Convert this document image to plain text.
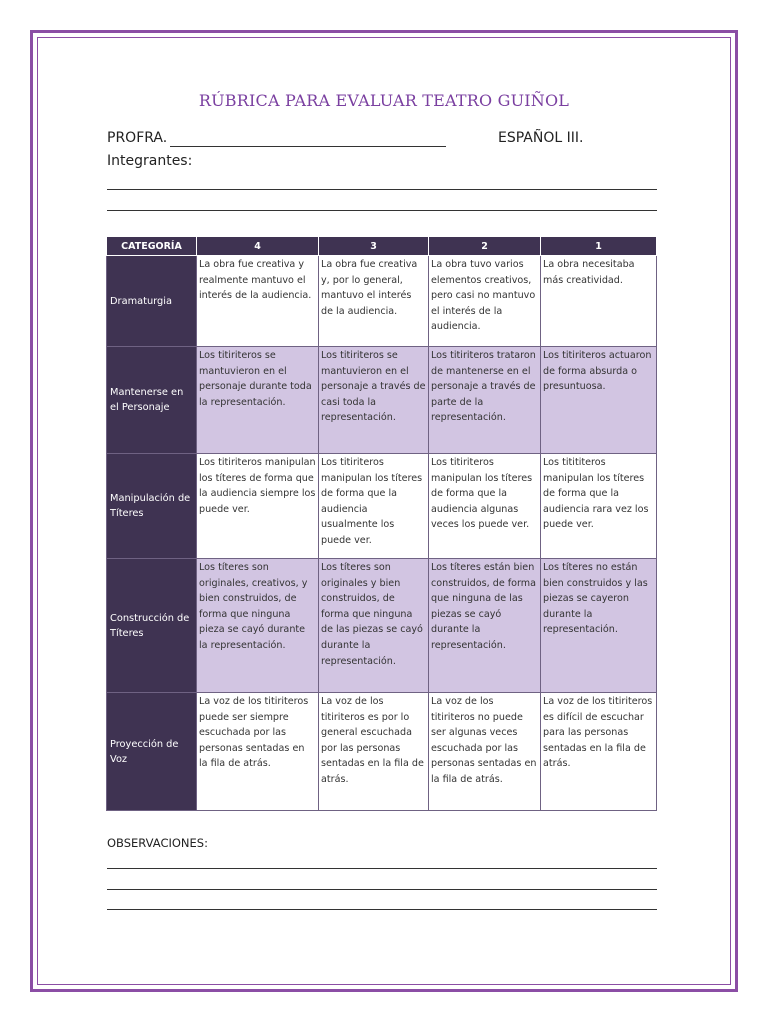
RÚBRICA PARA EVALUAR TEATRO GUIÑOL
PROFRA.	ESPAÑOL III.
Integrantes:
CATEGORÍA	4	3	2	1
Dramaturgia	La obra fue creativa y realmente mantuvo el interés de la audiencia.	La obra fue creativa y, por lo general, mantuvo el interés de la audiencia.	La obra tuvo varios elementos creativos, pero casi no mantuvo el interés de la audiencia.	La obra necesitaba más creatividad.
Mantenerse en el Personaje	Los titiriteros se mantuvieron en el personaje durante toda la representación.	Los titiriteros se mantuvieron en el personaje a través de casi toda la representación.	Los titiriteros trataron de mantenerse en el personaje a través de parte de la representación.	Los titiriteros actuaron de forma absurda o presuntuosa.
Manipulación de Títeres	Los titiriteros manipulan los títeres de forma que la audiencia siempre los puede ver.	Los titiriteros manipulan los títeres de forma que la audiencia usualmente los puede ver.	Los titiriteros manipulan los títeres de forma que la audiencia algunas veces los puede ver.	Los titititeros manipulan los títeres de forma que la audiencia rara vez los puede ver.
Construcción de Títeres	Los títeres son originales, creativos, y bien construidos, de forma que ninguna pieza se cayó durante la representación.	Los títeres son originales y bien construidos, de forma que ninguna de las piezas se cayó durante la representación.	Los títeres están bien construidos, de forma que ninguna de las piezas se cayó durante la representación.	Los títeres no están bien construidos y las piezas se cayeron durante la representación.
Proyección de Voz	La voz de los titiriteros puede ser siempre escuchada por las personas sentadas en la fila de atrás.	La voz de los titiriteros es por lo general escuchada por las personas sentadas en la fila de atrás.	La voz de los titiriteros no puede ser algunas veces escuchada por las personas sentadas en la fila de atrás.	La voz de los titiriteros es difícil de escuchar para las personas sentadas en la fila de atrás.
OBSERVACIONES:
